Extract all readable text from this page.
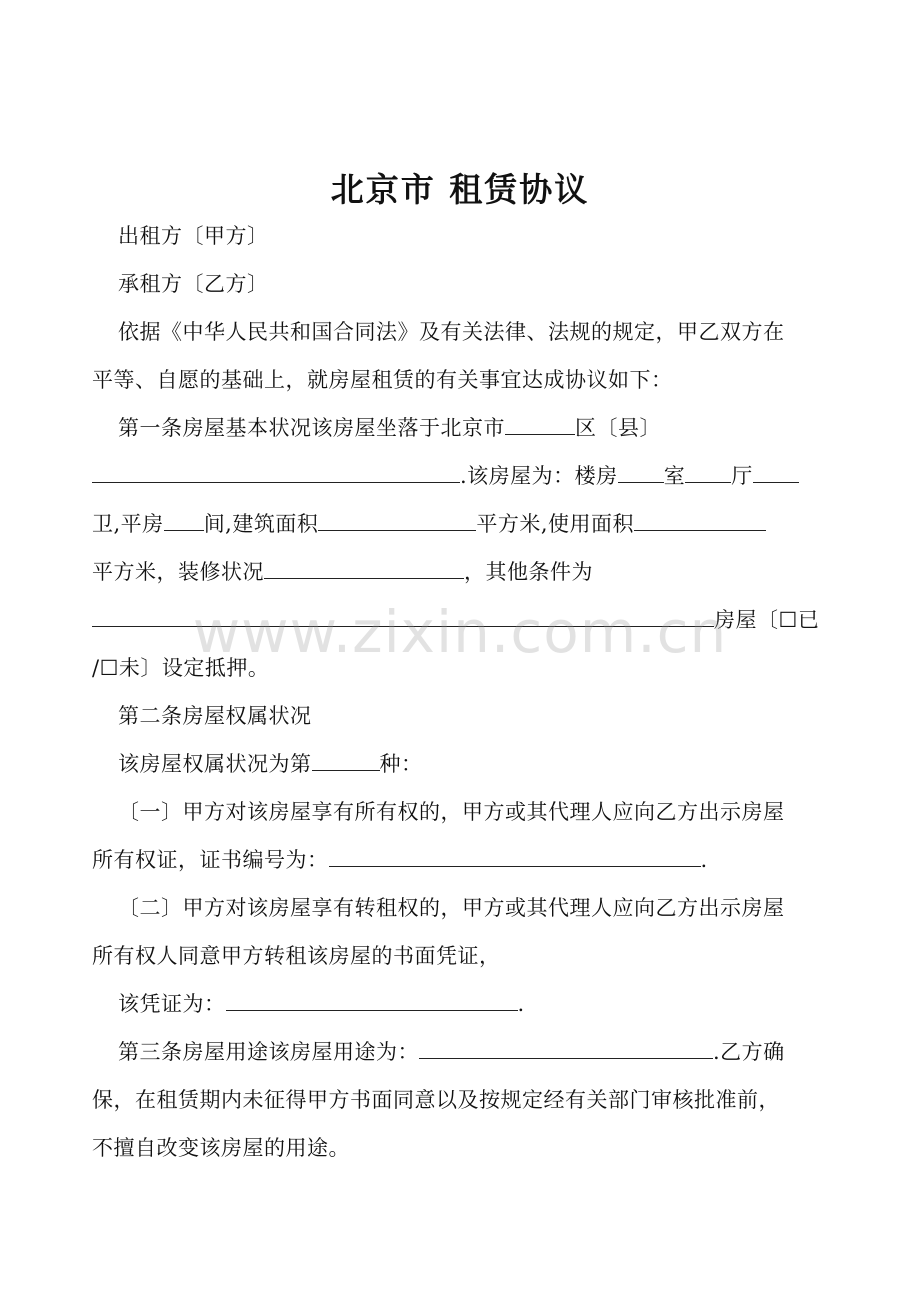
北京市 租赁协议
出租方〔甲方〕
承租方〔乙方〕
依据《中华人民共和国合同法》及有关法律、法规的规定，甲乙双方在
平等、自愿的基础上，就房屋租赁的有关事宜达成协议如下：
第一条房屋基本状况该房屋坐落于北京市	区〔县〕
.该房屋为：楼房 室 厅
卫,平房 间,建筑面积	平方米,使用面积
平方米，装修状况	，其他条件为
房屋〔☐已
/☐未〕设定抵押。
第二条房屋权属状况
该房屋权属状况为第	种：
〔一〕甲方对该房屋享有所有权的，甲方或其代理人应向乙方出示房屋
所有权证，证书编号为：	.
〔二〕甲方对该房屋享有转租权的，甲方或其代理人应向乙方出示房屋
所有权人同意甲方转租该房屋的书面凭证，
该凭证为：	.
第三条房屋用途该房屋用途为：	.乙方确
保，在租赁期内未征得甲方书面同意以及按规定经有关部门审核批准前，
不擅自改变该房屋的用途。
www.zixin.com.cn
